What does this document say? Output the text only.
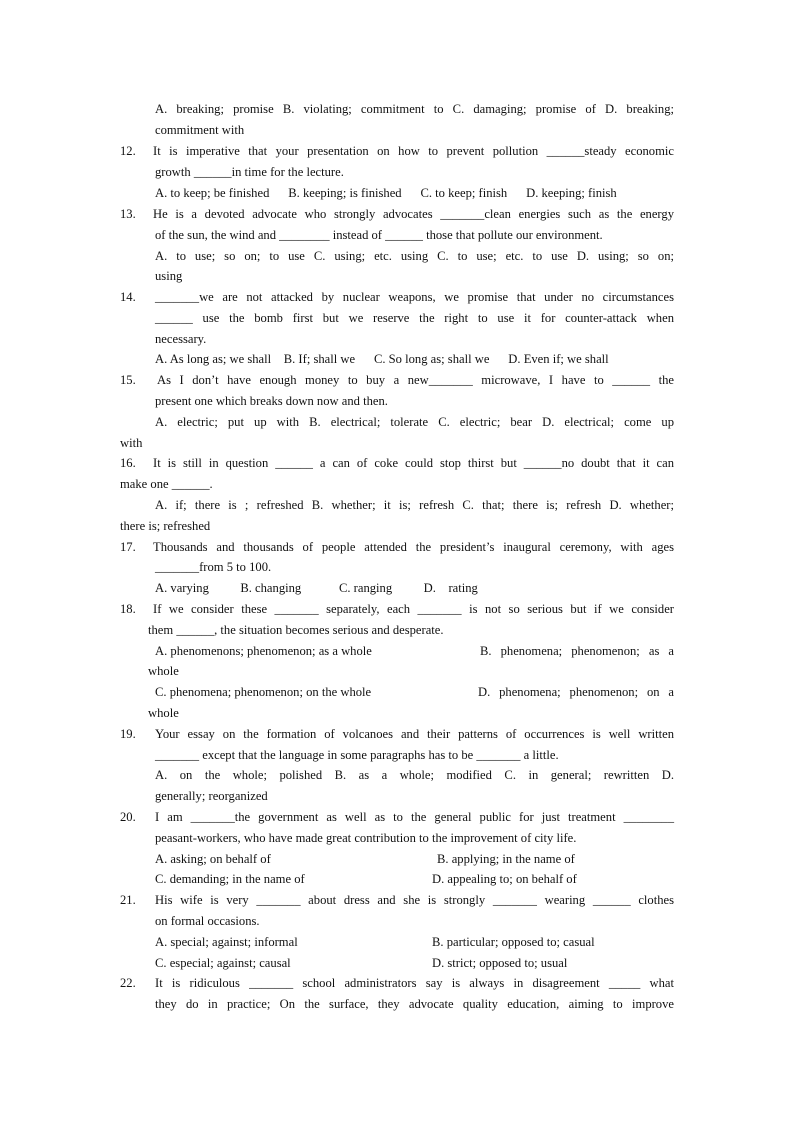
A. breaking; promise B. violating; commitment to C. damaging; promise of D. breaking;
commitment with
12. It is imperative that your presentation on how to prevent pollution ______steady economic
growth ______in time for the lecture.
A. to keep; be finished      B. keeping; is finished      C. to keep; finish      D. keeping; finish
13. He is a devoted advocate who strongly advocates _______clean energies such as the energy
of the sun, the wind and ________ instead of ______ those that pollute our environment.
A. to use; so on; to use C. using; etc. using C. to use; etc. to use D. using; so on;
using
14. _______we are not attacked by nuclear weapons, we promise that under no circumstances
______ use the bomb first but we reserve the right to use it for counter-attack when
necessary.
A. As long as; we shall    B. If; shall we      C. So long as; shall we      D. Even if; we shall
15. As I don’t have enough money to buy a new_______ microwave, I have to ______ the
present one which breaks down now and then.
A. electric; put up with B. electrical; tolerate C. electric; bear D. electrical; come up
with
16. It is still in question ______ a can of coke could stop thirst but ______no doubt that it can
make one ______.
A. if; there is ; refreshed B. whether; it is; refresh C. that; there is; refresh D. whether;
there is; refreshed
17. Thousands and thousands of people attended the president’s inaugural ceremony, with ages
_______from 5 to 100.
A. varying          B. changing            C. ranging          D.    rating
18. If we consider these _______ separately, each _______ is not so serious but if we consider
them ______, the situation becomes serious and desperate.
A. phenomenons; phenomenon; as a whole	B. phenomena; phenomenon; as a
whole
C. phenomena; phenomenon; on the whole	D. phenomena; phenomenon; on a
whole
19. Your essay on the formation of volcanoes and their patterns of occurrences is well written
_______ except that the language in some paragraphs has to be _______ a little.
A. on the whole; polished B. as a whole; modified C. in general; rewritten D.
generally; reorganized
20. I am _______the government as well as to the general public for just treatment ________
peasant-workers, who have made great contribution to the improvement of city life.
A. asking; on behalf of	B. applying; in the name of
C. demanding; in the name of	D. appealing to; on behalf of
21. His wife is very _______ about dress and she is strongly _______ wearing ______ clothes
on formal occasions.
A. special; against; informal	B. particular; opposed to; casual
C. especial; against; causal	D. strict; opposed to; usual
22. It is ridiculous _______ school administrators say is always in disagreement _____ what
they do in practice; On the surface, they advocate quality education, aiming to improve
